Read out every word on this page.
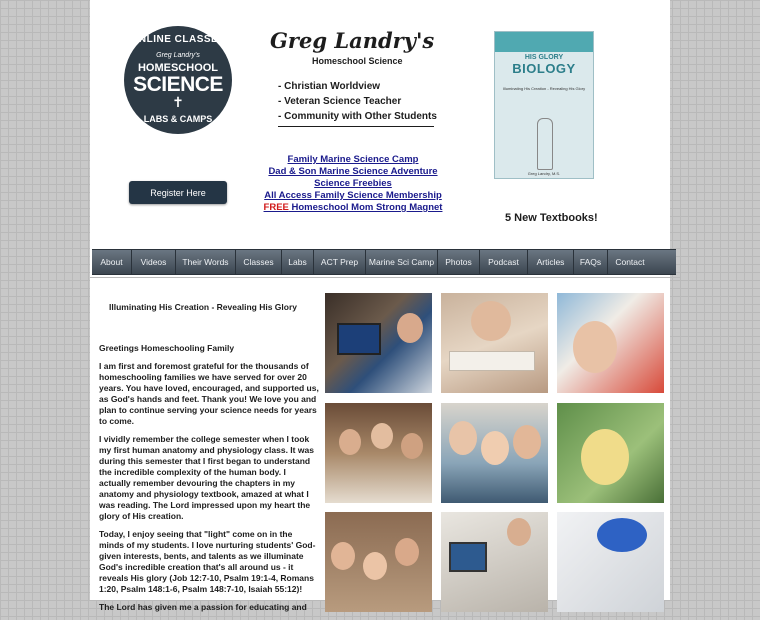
ONLINE CLASSES
Greg Landry's
HOMESCHOOL
SCIENCE
✝
LABS & CAMPS
Register Here
Greg Landry's
Homeschool Science
- Christian Worldview
- Veteran Science Teacher
- Community with Other Students
Family Marine Science Camp
Dad & Son Marine Science Adventure
Science Freebies
All Access Family Science Membership
FREE Homeschool Mom Strong Magnet
HIS GLORY
BIOLOGY
Illuminating His Creation - Revealing His Glory
Greg Landry, M.S.
5 New Textbooks!
About	Videos	Their Words	Classes	Labs	ACT Prep	Marine Sci Camp	Photos	Podcast	Articles	FAQs	Contact
Illuminating His Creation - Revealing His Glory

Greetings Homeschooling Family

I am first and foremost grateful for the thousands of homeschooling families we have served for over 20 years. You have loved, encouraged, and supported us, as God's hands and feet. Thank you! We love you and plan to continue serving your science needs for years to come.

I vividly remember the college semester when I took my first human anatomy and physiology class. It was during this semester that I first began to understand the incredible complexity of the human body. I actually remember devouring the chapters in my anatomy and physiology textbook, amazed at what I was reading. The Lord impressed upon my heart the glory of His creation.

Today, I enjoy seeing that "light" come on in the minds of my students. I love nurturing students' God-given interests, bents, and talents as we illuminate God's incredible creation that's all around us - it reveals His glory (Job 12:7-10, Psalm 19:1-4, Romans 1:20, Psalm 148:1-6, Psalm 148:7-10, Isaiah 55:12)!

The Lord has given me a passion for educating and
